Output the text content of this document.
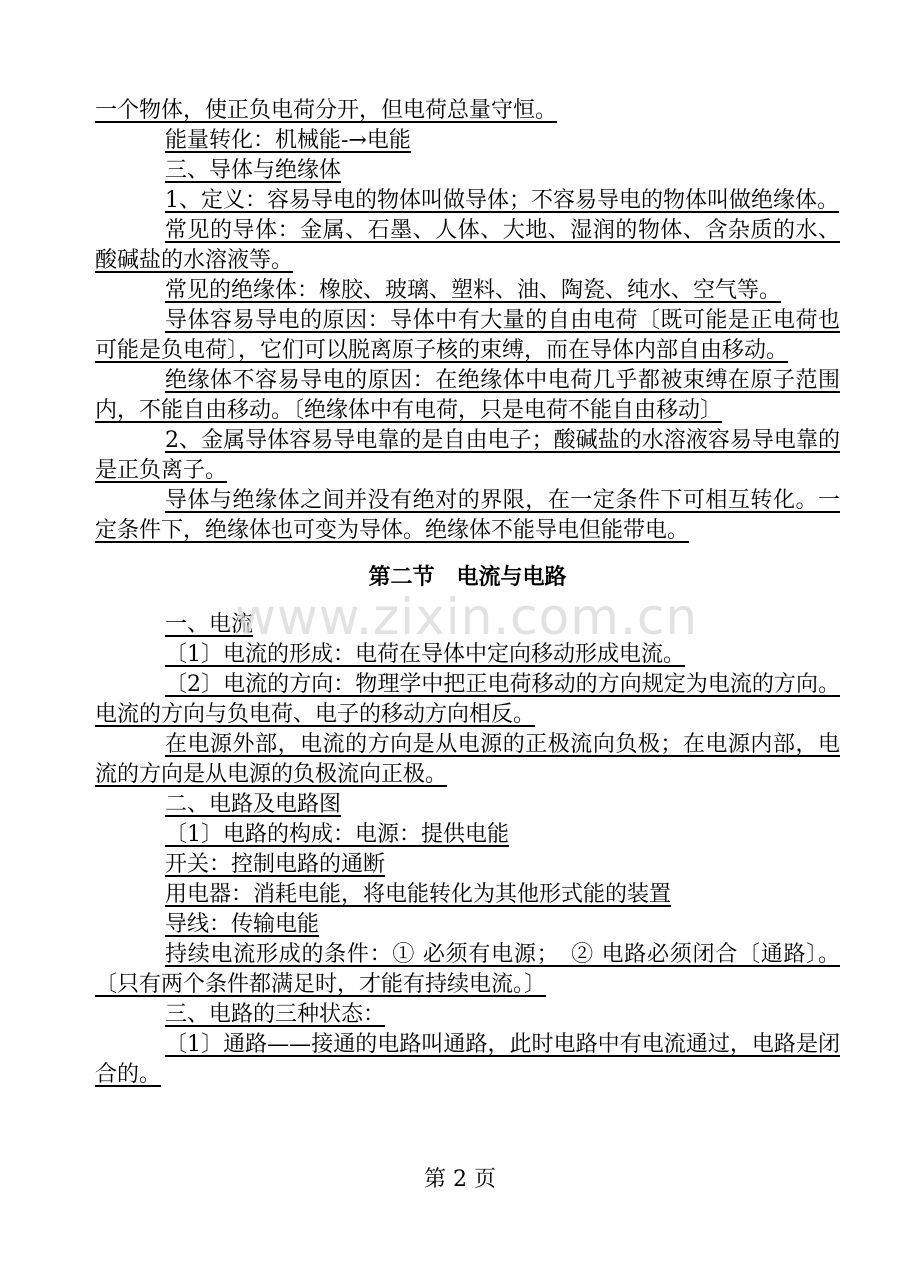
一个物体，使正负电荷分开，但电荷总量守恒。

能量转化：机械能-→电能

三、导体与绝缘体

1、定义：容易导电的物体叫做导体；不容易导电的物体叫做绝缘体。

常见的导体：金属、石墨、人体、大地、湿润的物体、含杂质的水、酸碱盐的水溶液等。

常见的绝缘体：橡胶、玻璃、塑料、油、陶瓷、纯水、空气等。

导体容易导电的原因：导体中有大量的自由电荷〔既可能是正电荷也可能是负电荷〕，它们可以脱离原子核的束缚，而在导体内部自由移动。

绝缘体不容易导电的原因：在绝缘体中电荷几乎都被束缚在原子范围内，不能自由移动。〔绝缘体中有电荷，只是电荷不能自由移动〕

2、金属导体容易导电靠的是自由电子；酸碱盐的水溶液容易导电靠的是正负离子。

导体与绝缘体之间并没有绝对的界限，在一定条件下可相互转化。一定条件下，绝缘体也可变为导体。绝缘体不能导电但能带电。

第二节　电流与电路

一、电流

〔1〕电流的形成：电荷在导体中定向移动形成电流。

〔2〕电流的方向：物理学中把正电荷移动的方向规定为电流的方向。电流的方向与负电荷、电子的移动方向相反。

在电源外部，电流的方向是从电源的正极流向负极；在电源内部，电流的方向是从电源的负极流向正极。

二、电路及电路图

〔1〕电路的构成：电源：提供电能

开关：控制电路的通断

用电器：消耗电能，将电能转化为其他形式能的装置

导线：传输电能

持续电流形成的条件：① 必须有电源；　② 电路必须闭合〔通路〕。〔只有两个条件都满足时，才能有持续电流。〕

三、电路的三种状态：

〔1〕通路——接通的电路叫通路，此时电路中有电流通过，电路是闭合的。

www.zixin.com.cn
第 2 页
